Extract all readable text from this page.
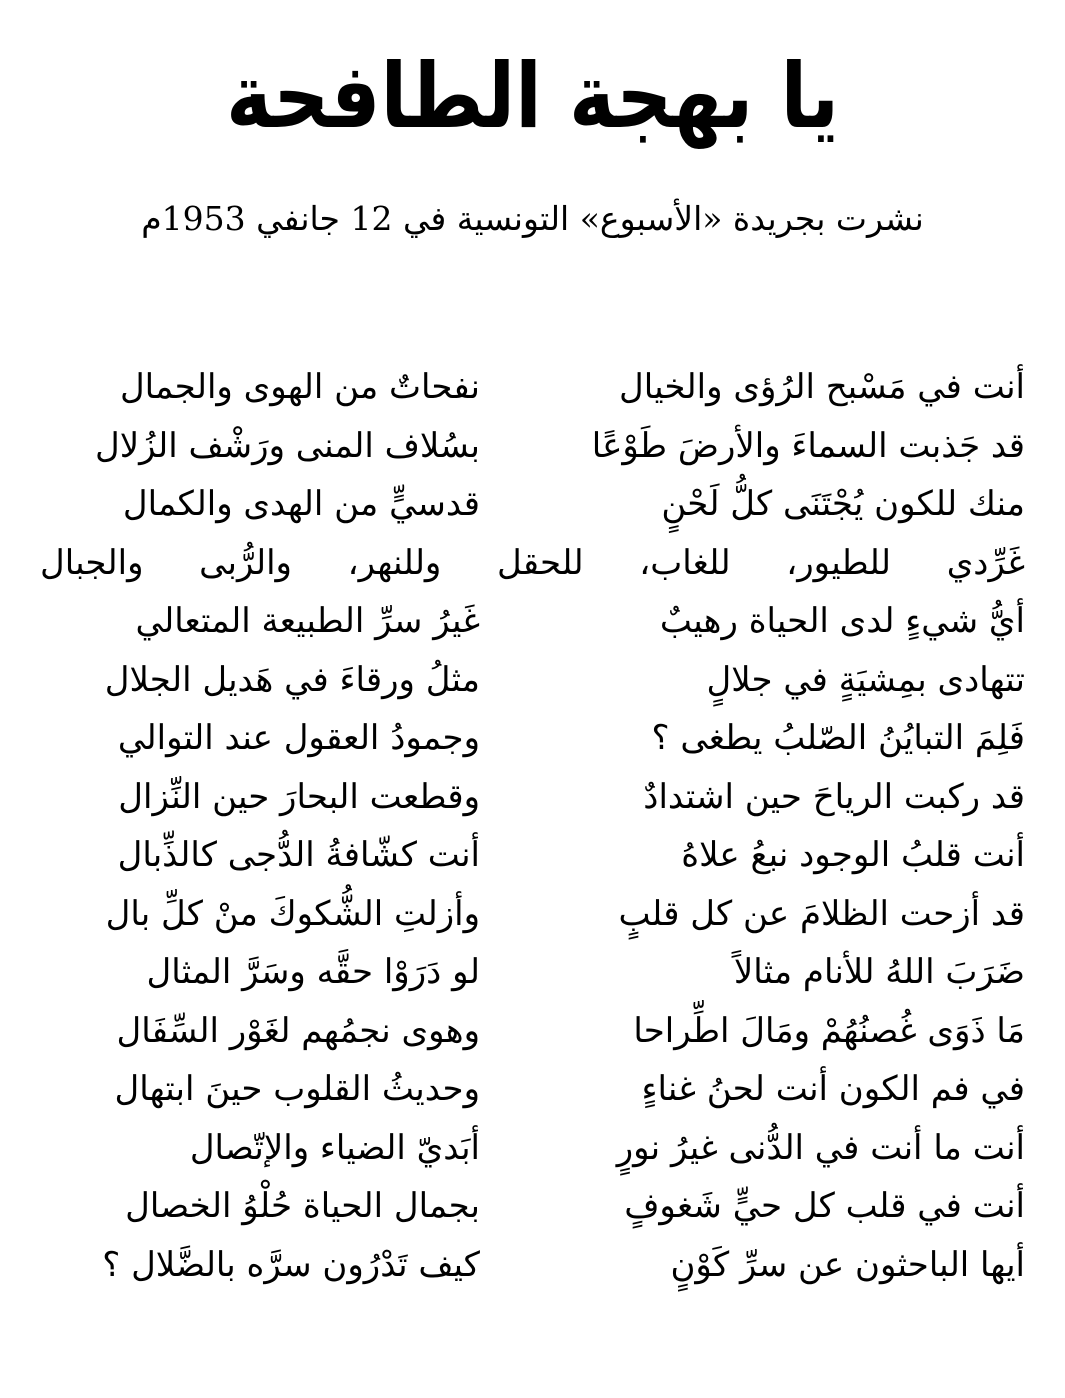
يا بهجة الطافحة
نشرت بجريدة «الأسبوع» التونسية في 12 جانفي 1953م
أنت في مَسْبح الرُؤى والخيال
نفحاتٌ من الهوى والجمال
قد جَذبت السماءَ والأرضَ طَوْعًا
بسُلاف المنى ورَشْف الزُلال
منك للكون يُجْتَنَى كلُّ لَحْنٍ
قدسيٍّ من الهدى والكمال
غَرِّدي للطيور، للغاب، للحقل وللنهر، والرُّبى والجبال
أيُّ شيءٍ لدى الحياة رهيبٌ
غَيرُ سرِّ الطبيعة المتعالي
تتهادى بمِشيَةٍ في جلالٍ
مثلُ ورقاءَ في هَديل الجلال
فَلِمَ التبايُنُ الصّلبُ يطغى ؟
وجمودُ العقول عند التوالي
قد ركبت الرياحَ حين اشتدادٌ
وقطعت البحارَ حين النِّزال
أنت قلبُ الوجود نبعُ علاهُ
أنت كشّافةُ الدُّجى كالذِّبال
قد أزحت الظلامَ عن كل قلبٍ
وأزلتِ الشُّكوكَ منْ كلِّ بال
ضَرَبَ اللهُ للأنام مثالاً
لو دَرَوْا حقَّه وسَرَّ المثال
مَا ذَوَى غُصنُهُمْ ومَالَ اطِّراحا
وهوى نجمُهم لغَوْر السِّفَال
في فم الكون أنت لحنُ غناءٍ
وحديثُ القلوب حينَ ابتهال
أنت ما أنت في الدُّنى غيرُ نورٍ
أبَديّ الضياء والإتّصال
أنت في قلب كل حيٍّ شَغوفٍ
بجمال الحياة حُلْوُ الخصال
أيها الباحثون عن سرِّ كَوْنٍ
كيف تَدْرُون سرَّه بالضَّلال ؟
